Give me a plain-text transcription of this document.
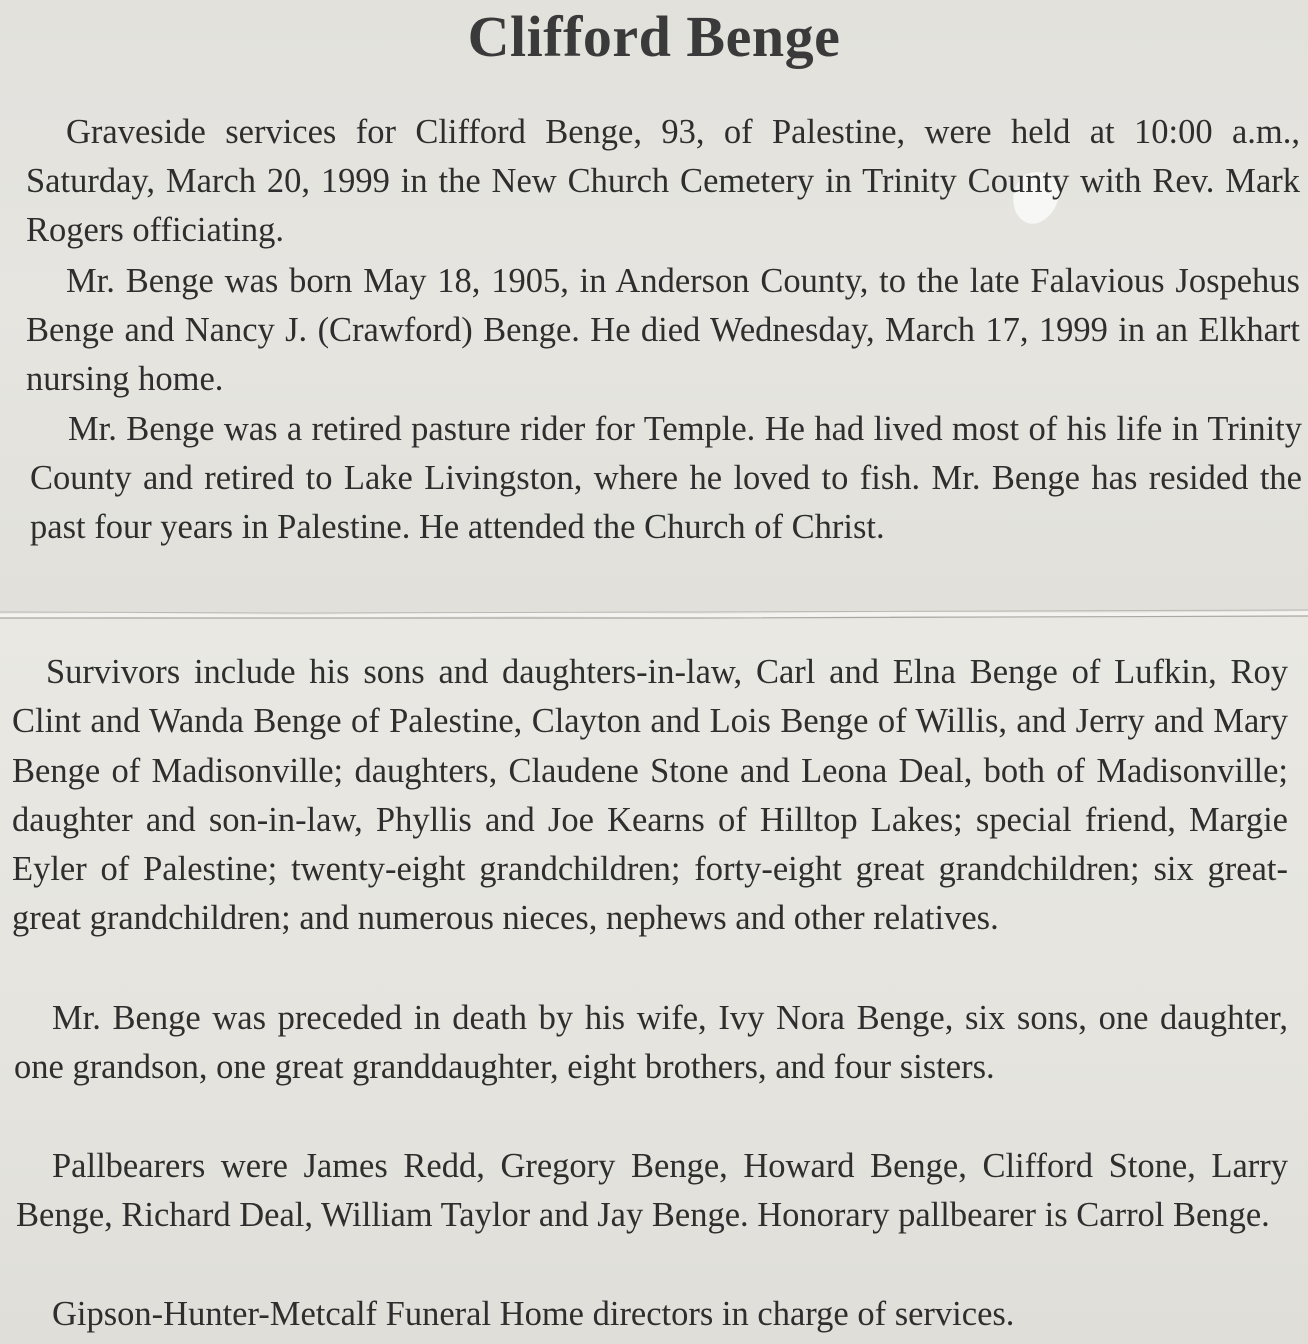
Clifford Benge

Graveside services for Clifford Benge, 93, of Palestine, were held at 10:00 a.m., Saturday, March 20, 1999 in the New Church Cemetery in Trinity County with Rev. Mark Rogers officiating.

Mr. Benge was born May 18, 1905, in Anderson County, to the late Falavious Jospehus Benge and Nancy J. (Crawford) Benge. He died Wednesday, March 17, 1999 in an Elkhart nursing home.

Mr. Benge was a retired pasture rider for Temple. He had lived most of his life in Trinity County and retired to Lake Livingston, where he loved to fish. Mr. Benge has resided the past four years in Palestine. He attended the Church of Christ.

Survivors include his sons and daughters-in-law, Carl and Elna Benge of Lufkin, Roy Clint and Wanda Benge of Palestine, Clayton and Lois Benge of Willis, and Jerry and Mary Benge of Madisonville; daughters, Claudene Stone and Leona Deal, both of Madisonville; daughter and son-in-law, Phyllis and Joe Kearns of Hilltop Lakes; special friend, Margie Eyler of Palestine; twenty-eight grandchildren; forty-eight great grandchildren; six great-great grandchildren; and numerous nieces, nephews and other relatives.

Mr. Benge was preceded in death by his wife, Ivy Nora Benge, six sons, one daughter, one grandson, one great granddaughter, eight brothers, and four sisters.

Pallbearers were James Redd, Gregory Benge, Howard Benge, Clifford Stone, Larry Benge, Richard Deal, William Taylor and Jay Benge. Honorary pallbearer is Carrol Benge.

Gipson-Hunter-Metcalf Funeral Home directors in charge of services.
